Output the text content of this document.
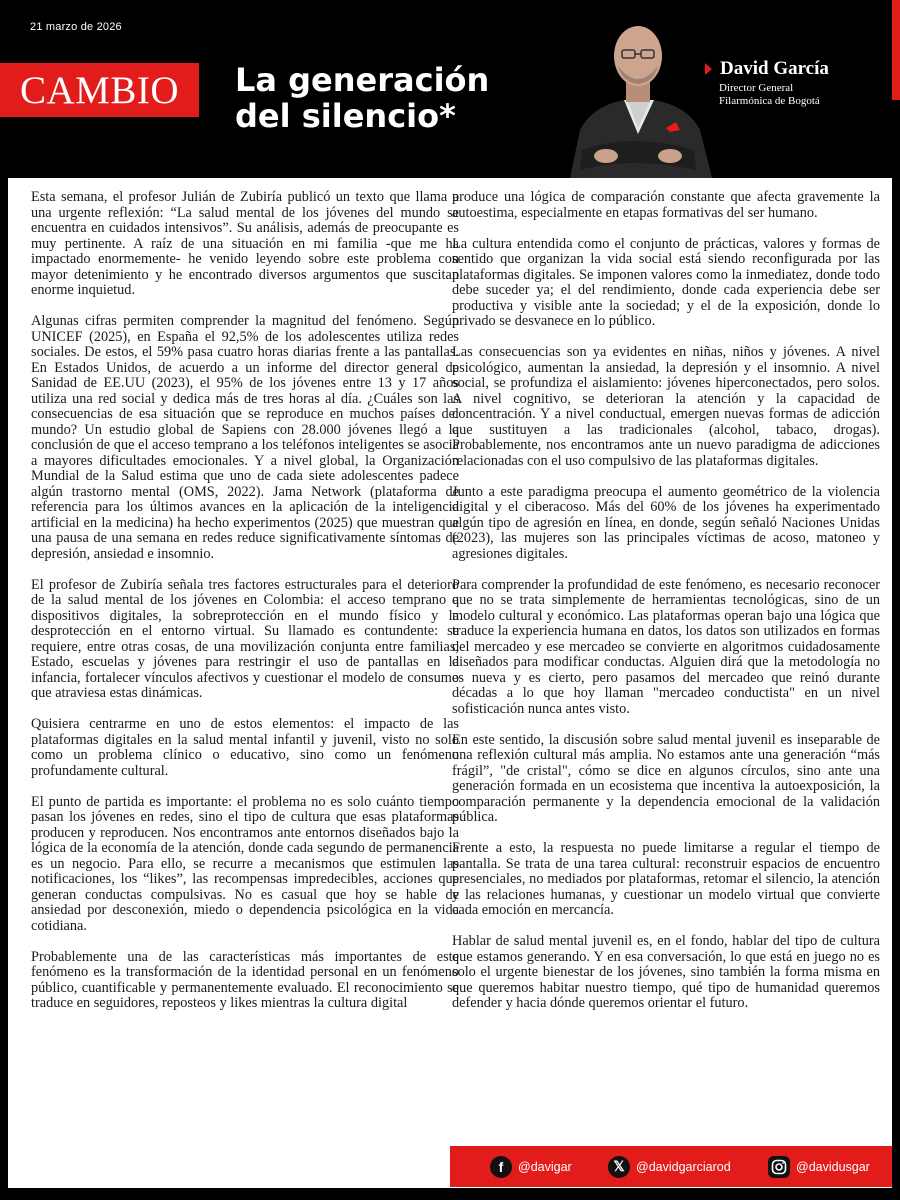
21 marzo de 2026
CAMBIO La generación
del silencio*
David García
Director General
Filarmónica de Bogotá

Esta semana, el profesor Julián de Zubiría publicó un texto que llama a una urgente reflexión: “La salud mental de los jóvenes del mundo se encuentra en cuidados intensivos”. Su análisis, además de preocupante es muy pertinente. A raíz de una situación en mi familia -que me ha impactado enormemente- he venido leyendo sobre este problema con mayor detenimiento y he encontrado diversos argumentos que suscitan enorme inquietud.

Algunas cifras permiten comprender la magnitud del fenómeno. Según UNICEF (2025), en España el 92,5% de los adolescentes utiliza redes sociales. De estos, el 59% pasa cuatro horas diarias frente a las pantallas. En Estados Unidos, de acuerdo a un informe del director general de Sanidad de EE.UU (2023), el 95% de los jóvenes entre 13 y 17 años utiliza una red social y dedica más de tres horas al día. ¿Cuáles son las consecuencias de esa situación que se reproduce en muchos países del mundo? Un estudio global de Sapiens con 28.000 jóvenes llegó a la conclusión de que el acceso temprano a los teléfonos inteligentes se asocia a mayores dificultades emocionales. Y a nivel global, la Organización Mundial de la Salud estima que uno de cada siete adolescentes padece algún trastorno mental (OMS, 2022). Jama Network (plataforma de referencia para los últimos avances en la aplicación de la inteligencia artificial en la medicina) ha hecho experimentos (2025) que muestran que una pausa de una semana en redes reduce significativamente síntomas de depresión, ansiedad e insomnio.

El profesor de Zubiría señala tres factores estructurales para el deterioro de la salud mental de los jóvenes en Colombia: el acceso temprano a dispositivos digitales, la sobreprotección en el mundo físico y la desprotección en el entorno virtual. Su llamado es contundente: se requiere, entre otras cosas, de una movilización conjunta entre familias, Estado, escuelas y jóvenes para restringir el uso de pantallas en la infancia, fortalecer vínculos afectivos y cuestionar el modelo de consumo que atraviesa estas dinámicas.

Quisiera centrarme en uno de estos elementos: el impacto de las plataformas digitales en la salud mental infantil y juvenil, visto no solo como un problema clínico o educativo, sino como un fenómeno profundamente cultural.

El punto de partida es importante: el problema no es solo cuánto tiempo pasan los jóvenes en redes, sino el tipo de cultura que esas plataformas producen y reproducen. Nos encontramos ante entornos diseñados bajo la lógica de la economía de la atención, donde cada segundo de permanencia es un negocio. Para ello, se recurre a mecanismos que estimulen las notificaciones, los “likes”, las recompensas impredecibles, acciones que generan conductas compulsivas. No es casual que hoy se hable de ansiedad por desconexión, miedo o dependencia psicológica en la vida cotidiana.

Probablemente una de las características más importantes de este fenómeno es la transformación de la identidad personal en un fenómeno público, cuantificable y permanentemente evaluado. El reconocimiento se traduce en seguidores, reposteos y likes mientras la cultura digital

produce una lógica de comparación constante que afecta gravemente la autoestima, especialmente en etapas formativas del ser humano.

La cultura entendida como el conjunto de prácticas, valores y formas de sentido que organizan la vida social está siendo reconfigurada por las plataformas digitales. Se imponen valores como la inmediatez, donde todo debe suceder ya; el del rendimiento, donde cada experiencia debe ser productiva y visible ante la sociedad; y el de la exposición, donde lo privado se desvanece en lo público.

Las consecuencias son ya evidentes en niñas, niños y jóvenes. A nivel psicológico, aumentan la ansiedad, la depresión y el insomnio. A nivel social, se profundiza el aislamiento: jóvenes hiperconectados, pero solos. A nivel cognitivo, se deterioran la atención y la capacidad de concentración. Y a nivel conductual, emergen nuevas formas de adicción que sustituyen a las tradicionales (alcohol, tabaco, drogas). Probablemente, nos encontramos ante un nuevo paradigma de adicciones relacionadas con el uso compulsivo de las plataformas digitales.

Junto a este paradigma preocupa el aumento geométrico de la violencia digital y el ciberacoso. Más del 60% de los jóvenes ha experimentado algún tipo de agresión en línea, en donde, según señaló Naciones Unidas (2023), las mujeres son las principales víctimas de acoso, matoneo y agresiones digitales.

Para comprender la profundidad de este fenómeno, es necesario reconocer que no se trata simplemente de herramientas tecnológicas, sino de un modelo cultural y económico. Las plataformas operan bajo una lógica que traduce la experiencia humana en datos, los datos son utilizados en formas del mercadeo y ese mercadeo se convierte en algoritmos cuidadosamente diseñados para modificar conductas. Alguien dirá que la metodología no es nueva y es cierto, pero pasamos del mercadeo que reinó durante décadas a lo que hoy llaman "mercadeo conductista" en un nivel sofisticación nunca antes visto.

En este sentido, la discusión sobre salud mental juvenil es inseparable de una reflexión cultural más amplia. No estamos ante una generación “más frágil”, "de cristal", cómo se dice en algunos círculos, sino ante una generación formada en un ecosistema que incentiva la autoexposición, la comparación permanente y la dependencia emocional de la validación pública.

Frente a esto, la respuesta no puede limitarse a regular el tiempo de pantalla. Se trata de una tarea cultural: reconstruir espacios de encuentro presenciales, no mediados por plataformas, retomar el silencio, la atención y las relaciones humanas, y cuestionar un modelo virtual que convierte cada emoción en mercancía.

Hablar de salud mental juvenil es, en el fondo, hablar del tipo de cultura que estamos generando. Y en esa conversación, lo que está en juego no es solo el urgente bienestar de los jóvenes, sino también la forma misma en que queremos habitar nuestro tiempo, qué tipo de humanidad queremos defender y hacia dónde queremos orientar el futuro.

f	@davigar	𝕏 @davidgarciarod	@davidusgar
